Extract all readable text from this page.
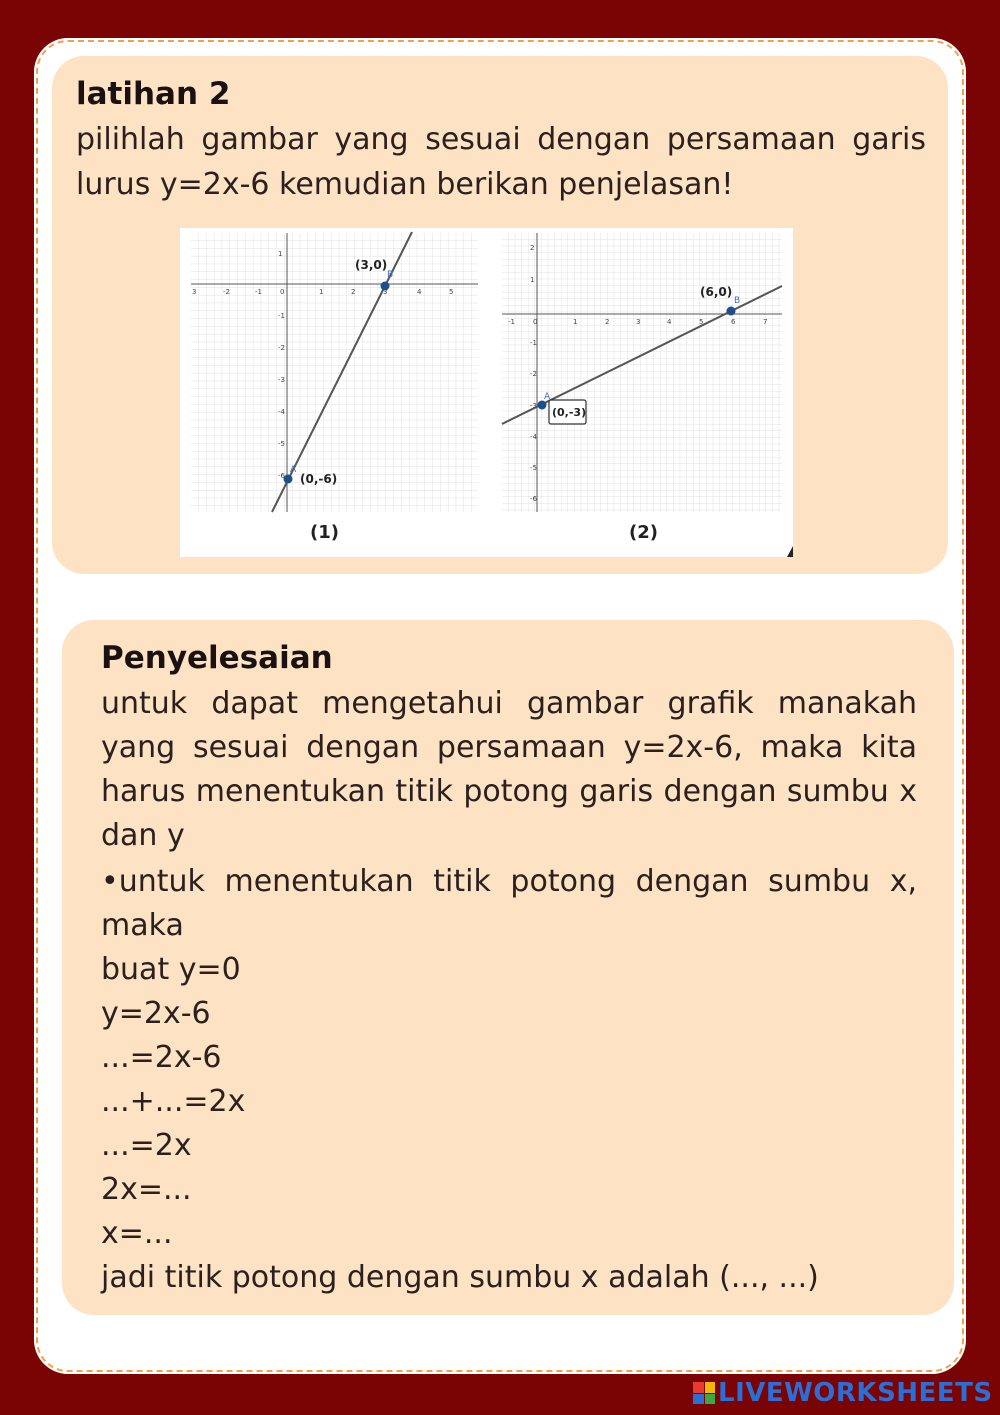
latihan 2
pilihlah gambar yang sesuai dengan persamaan garis lurus y=2x-6 kemudian berikan penjelasan!
3	-2	-1	0	1	2	3	4	5
1
-1
-2
-3
-4
-5
-6
(3,0)
B
(0,-6)
A
-1	0	1	2	3	4	5	6	7
2
1
-1
-2
-3
-4
-5
-6
(6,0)
B
(0,-3)
A
(1)	(2)
Penyelesaian
untuk dapat mengetahui gambar grafik manakah yang sesuai dengan persamaan y=2x-6, maka kita harus menentukan titik potong garis dengan sumbu x dan y
•untuk menentukan titik potong dengan sumbu x, maka
buat y=0
y=2x-6
...=2x-6
...+...=2x
...=2x
2x=...
x=...
jadi titik potong dengan sumbu x adalah (..., ...)
LIVEWORKSHEETS
